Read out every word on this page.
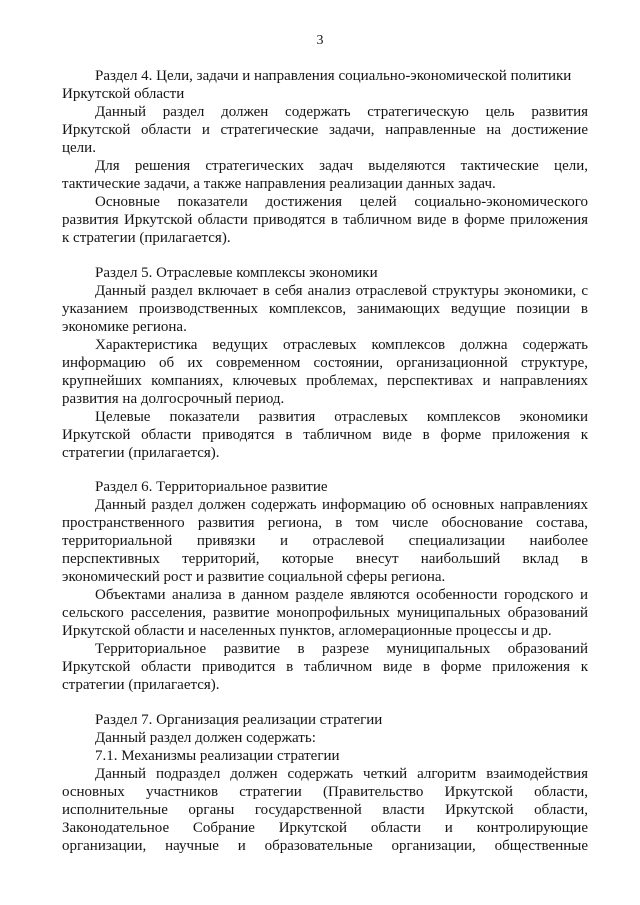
3
Раздел 4. Цели, задачи и направления социально-экономической политики
Иркутской области
Данный раздел должен содержать стратегическую цель развития
Иркутской области и стратегические задачи, направленные на достижение
цели.
Для решения стратегических задач выделяются тактические цели,
тактические задачи, а также направления реализации данных задач.
Основные показатели достижения целей социально-экономического
развития Иркутской области приводятся в табличном виде в форме приложения
к стратегии (прилагается).
Раздел 5. Отраслевые комплексы экономики
Данный раздел включает в себя анализ отраслевой структуры экономики, с
указанием производственных комплексов, занимающих ведущие позиции в
экономике региона.
Характеристика ведущих отраслевых комплексов должна содержать
информацию об их современном состоянии, организационной структуре,
крупнейших компаниях, ключевых проблемах, перспективах и направлениях
развития на долгосрочный период.
Целевые показатели развития отраслевых комплексов экономики
Иркутской области приводятся в табличном виде в форме приложения к
стратегии (прилагается).
Раздел 6. Территориальное развитие
Данный раздел должен содержать информацию об основных направлениях
пространственного развития региона, в том числе обоснование состава,
территориальной привязки и отраслевой специализации наиболее
перспективных территорий, которые внесут наибольший вклад в
экономический рост и развитие социальной сферы региона.
Объектами анализа в данном разделе являются особенности городского и
сельского расселения, развитие монопрофильных муниципальных образований
Иркутской области и населенных пунктов, агломерационные процессы и др.
Территориальное развитие в разрезе муниципальных образований
Иркутской области приводится в табличном виде в форме приложения к
стратегии (прилагается).
Раздел 7. Организация реализации стратегии
Данный раздел должен содержать:
7.1. Механизмы реализации стратегии
Данный подраздел должен содержать четкий алгоритм взаимодействия
основных участников стратегии (Правительство Иркутской области,
исполнительные органы государственной власти Иркутской области,
Законодательное Собрание Иркутской области и контролирующие
организации, научные и образовательные организации, общественные
